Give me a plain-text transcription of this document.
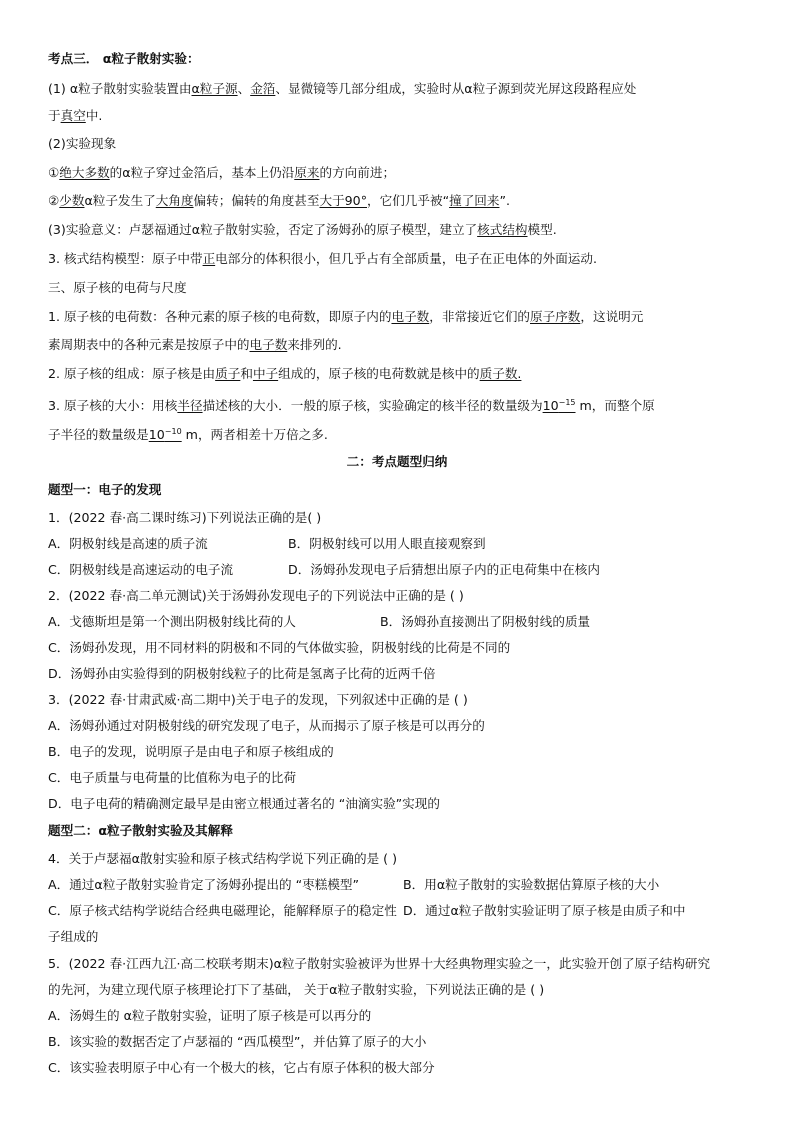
考点三． α粒子散射实验：
(1) α粒子散射实验装置由α粒子源、金箔、显微镜等几部分组成，实验时从α粒子源到荧光屏这段路程应处
于真空中.
(2)实验现象
①绝大多数的α粒子穿过金箔后，基本上仍沿原来的方向前进；
②少数α粒子发生了大角度偏转；偏转的角度甚至大于90°，它们几乎被“撞了回来”.
(3)实验意义：卢瑟福通过α粒子散射实验，否定了汤姆孙的原子模型，建立了核式结构模型.
3. 核式结构模型：原子中带正电部分的体积很小，但几乎占有全部质量，电子在正电体的外面运动.
三、原子核的电荷与尺度
1. 原子核的电荷数：各种元素的原子核的电荷数，即原子内的电子数，非常接近它们的原子序数，这说明元
素周期表中的各种元素是按原子中的电子数来排列的.
2. 原子核的组成：原子核是由质子和中子组成的，原子核的电荷数就是核中的质子数.
3. 原子核的大小：用核半径描述核的大小．一般的原子核，实验确定的核半径的数量级为$10^{-15}$ m，而整个原
子半径的数量级是$10^{-10}$ m，两者相差十万倍之多.
二：考点题型归纳
题型一：电子的发现
1．(2022 春·高二课时练习)下列说法正确的是( )
A．阴极射线是高速的质子流	B．阴极射线可以用人眼直接观察到
C．阴极射线是高速运动的电子流	D．汤姆孙发现电子后猜想出原子内的正电荷集中在核内
2．(2022 春·高二单元测试)关于汤姆孙发现电子的下列说法中正确的是 ( )
A．戈德斯坦是第一个测出阴极射线比荷的人	B．汤姆孙直接测出了阴极射线的质量
C．汤姆孙发现，用不同材料的阴极和不同的气体做实验，阴极射线的比荷是不同的
D．汤姆孙由实验得到的阴极射线粒子的比荷是氢离子比荷的近两千倍
3．(2022 春·甘肃武威·高二期中)关于电子的发现，下列叙述中正确的是 ( )
A．汤姆孙通过对阴极射线的研究发现了电子，从而揭示了原子核是可以再分的
B．电子的发现，说明原子是由电子和原子核组成的
C．电子质量与电荷量的比值称为电子的比荷
D．电子电荷的精确测定最早是由密立根通过著名的 “油滴实验”实现的
题型二：α粒子散射实验及其解释
4．关于卢瑟福α散射实验和原子核式结构学说下列正确的是 ( )
A．通过α粒子散射实验肯定了汤姆孙提出的 “枣糕模型”	B．用α粒子散射的实验数据估算原子核的大小
C．原子核式结构学说结合经典电磁理论，能解释原子的稳定性 D．通过α粒子散射实验证明了原子核是由质子和中
子组成的
5．(2022 春·江西九江·高二校联考期末)α粒子散射实验被评为世界十大经典物理实验之一，此实验开创了原子结构研究
的先河，为建立现代原子核理论打下了基础， 关于α粒子散射实验，下列说法正确的是 ( )
A．汤姆生的 α粒子散射实验，证明了原子核是可以再分的
B．该实验的数据否定了卢瑟福的 “西瓜模型”，并估算了原子的大小
C．该实验表明原子中心有一个极大的核，它占有原子体积的极大部分
